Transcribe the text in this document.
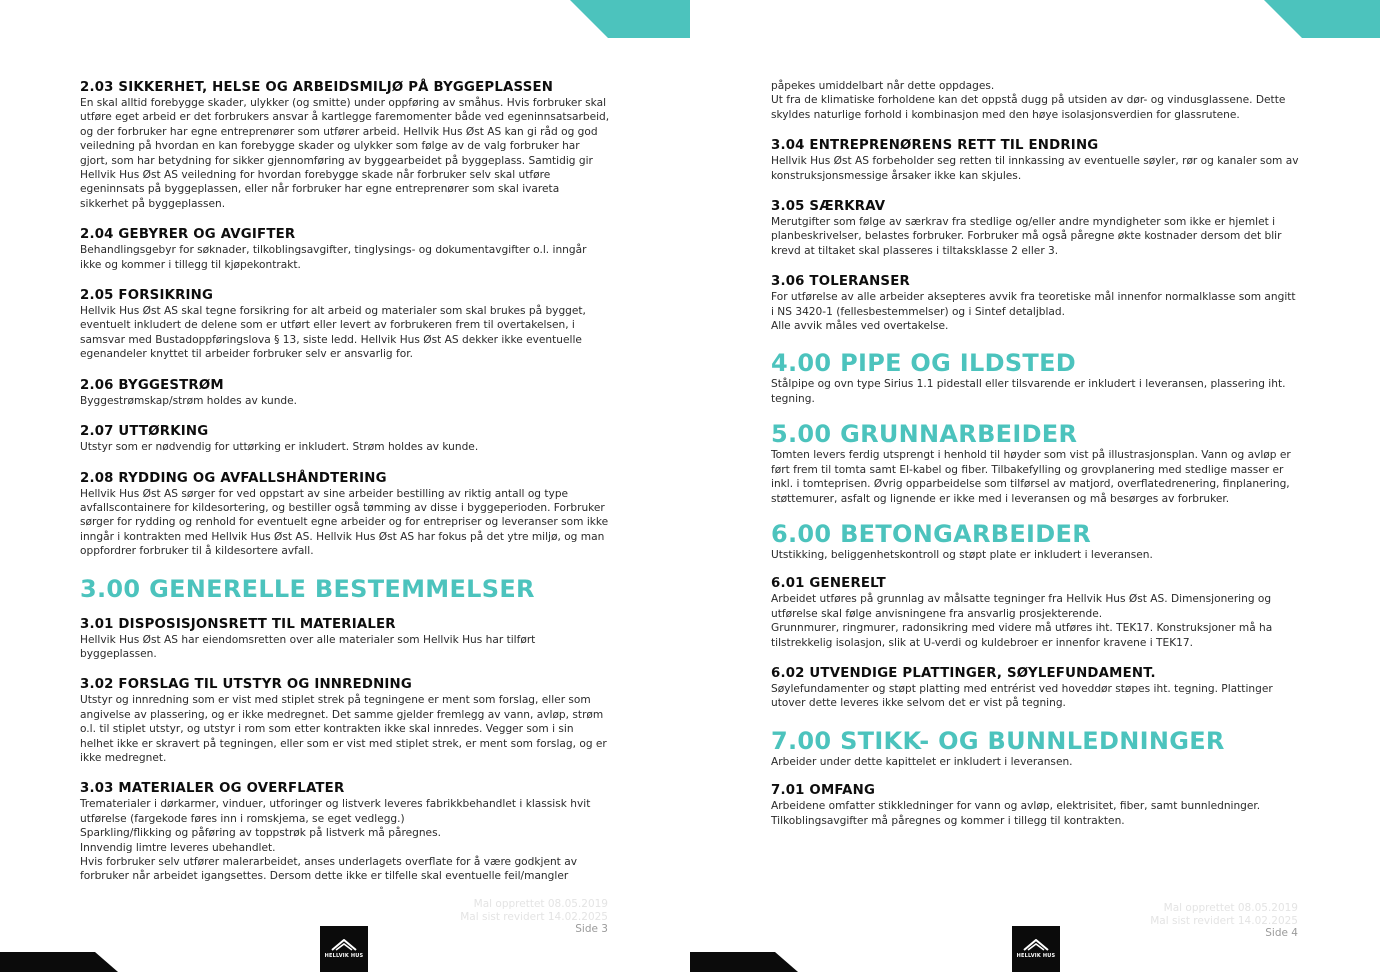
2.03 SIKKERHET, HELSE OG ARBEIDSMILJØ PÅ BYGGEPLASSEN

En skal alltid forebygge skader, ulykker (og smitte) under oppføring av småhus. Hvis forbruker skal utføre eget arbeid er det forbrukers ansvar å kartlegge faremomenter både ved egeninnsatsarbeid, og der forbruker har egne entreprenører som utfører arbeid. Hellvik Hus Øst AS kan gi råd og god veiledning på hvordan en kan forebygge skader og ulykker som følge av de valg forbruker har gjort, som har betydning for sikker gjennomføring av byggearbeidet på byggeplass. Samtidig gir Hellvik Hus Øst AS veiledning for hvordan forebygge skade når forbruker selv skal utføre egeninnsats på byggeplassen, eller når forbruker har egne entreprenører som skal ivareta sikkerhet på byggeplassen.

2.04 GEBYRER OG AVGIFTER

Behandlingsgebyr for søknader, tilkoblingsavgifter, tinglysings- og dokumentavgifter o.l. inngår ikke og kommer i tillegg til kjøpekontrakt.

2.05 FORSIKRING

Hellvik Hus Øst AS skal tegne forsikring for alt arbeid og materialer som skal brukes på bygget, eventuelt inkludert de delene som er utført eller levert av forbrukeren frem til overtakelsen, i samsvar med Bustadoppføringslova § 13, siste ledd. Hellvik Hus Øst AS dekker ikke eventuelle egenandeler knyttet til arbeider forbruker selv er ansvarlig for.

2.06 BYGGESTRØM

Byggestrømskap/strøm holdes av kunde.

2.07 UTTØRKING

Utstyr som er nødvendig for uttørking er inkludert. Strøm holdes av kunde.

2.08 RYDDING OG AVFALLSHÅNDTERING

Hellvik Hus Øst AS sørger for ved oppstart av sine arbeider bestilling av riktig antall og type avfallscontainere for kildesortering, og bestiller også tømming av disse i byggeperioden. Forbruker sørger for rydding og renhold for eventuelt egne arbeider og for entrepriser og leveranser som ikke inngår i kontrakten med Hellvik Hus Øst AS. Hellvik Hus Øst AS har fokus på det ytre miljø, og man oppfordrer forbruker til å kildesortere avfall.

3.00 GENERELLE BESTEMMELSER
3.01 DISPOSISJONSRETT TIL MATERIALER

Hellvik Hus Øst AS har eiendomsretten over alle materialer som Hellvik Hus har tilført byggeplassen.

3.02 FORSLAG TIL UTSTYR OG INNREDNING

Utstyr og innredning som er vist med stiplet strek på tegningene er ment som forslag, eller som angivelse av plassering, og er ikke medregnet. Det samme gjelder fremlegg av vann, avløp, strøm o.l. til stiplet utstyr, og utstyr i rom som etter kontrakten ikke skal innredes. Vegger som i sin helhet ikke er skravert på tegningen, eller som er vist med stiplet strek, er ment som forslag, og er ikke medregnet.

3.03 MATERIALER OG OVERFLATER

Trematerialer i dørkarmer, vinduer, utforinger og listverk leveres fabrikkbehandlet i klassisk hvit utførelse (fargekode føres inn i romskjema, se eget vedlegg.)
Sparkling/flikking og påføring av toppstrøk på listverk må påregnes.
Innvendig limtre leveres ubehandlet.
Hvis forbruker selv utfører malerarbeidet, anses underlagets overflate for å være godkjent av forbruker når arbeidet igangsettes. Dersom dette ikke er tilfelle skal eventuelle feil/mangler

Mal opprettet 08.05.2019
Mal sist revidert 14.02.2025
Side 3
HELLVIK HUS

påpekes umiddelbart når dette oppdages.
Ut fra de klimatiske forholdene kan det oppstå dugg på utsiden av dør- og vindusglassene. Dette skyldes naturlige forhold i kombinasjon med den høye isolasjonsverdien for glassrutene.

3.04 ENTREPRENØRENS RETT TIL ENDRING

Hellvik Hus Øst AS forbeholder seg retten til innkassing av eventuelle søyler, rør og kanaler som av konstruksjonsmessige årsaker ikke kan skjules.

3.05 SÆRKRAV

Merutgifter som følge av særkrav fra stedlige og/eller andre myndigheter som ikke er hjemlet i planbeskrivelser, belastes forbruker. Forbruker må også påregne økte kostnader dersom det blir krevd at tiltaket skal plasseres i tiltaksklasse 2 eller 3.

3.06 TOLERANSER

For utførelse av alle arbeider aksepteres avvik fra teoretiske mål innenfor normalklasse som angitt i NS 3420-1 (fellesbestemmelser) og i Sintef detaljblad.
Alle avvik måles ved overtakelse.

4.00 PIPE OG ILDSTED

Stålpipe og ovn type Sirius 1.1 pidestall eller tilsvarende er inkludert i leveransen, plassering iht. tegning.

5.00 GRUNNARBEIDER

Tomten levers ferdig utsprengt i henhold til høyder som vist på illustrasjonsplan. Vann og avløp er ført frem til tomta samt El-kabel og fiber. Tilbakefylling og grovplanering med stedlige masser er inkl. i tomteprisen. Øvrig opparbeidelse som tilførsel av matjord, overflatedrenering, finplanering, støttemurer, asfalt og lignende er ikke med i leveransen og må besørges av forbruker.

6.00 BETONGARBEIDER

Utstikking, beliggenhetskontroll og støpt plate er inkludert i leveransen.

6.01 GENERELT

Arbeidet utføres på grunnlag av målsatte tegninger fra Hellvik Hus Øst AS. Dimensjonering og utførelse skal følge anvisningene fra ansvarlig prosjekterende.
Grunnmurer, ringmurer, radonsikring med videre må utføres iht. TEK17. Konstruksjoner må ha tilstrekkelig isolasjon, slik at U-verdi og kuldebroer er innenfor kravene i TEK17.

6.02 UTVENDIGE PLATTINGER, SØYLEFUNDAMENT.

Søylefundamenter og støpt platting med entrérist ved hoveddør støpes iht. tegning. Plattinger utover dette leveres ikke selvom det er vist på tegning.

7.00 STIKK- OG BUNNLEDNINGER

Arbeider under dette kapittelet er inkludert i leveransen.

7.01 OMFANG

Arbeidene omfatter stikkledninger for vann og avløp, elektrisitet, fiber, samt bunnledninger.
Tilkoblingsavgifter må påregnes og kommer i tillegg til kontrakten.

Mal opprettet 08.05.2019
Mal sist revidert 14.02.2025
Side 4
HELLVIK HUS
